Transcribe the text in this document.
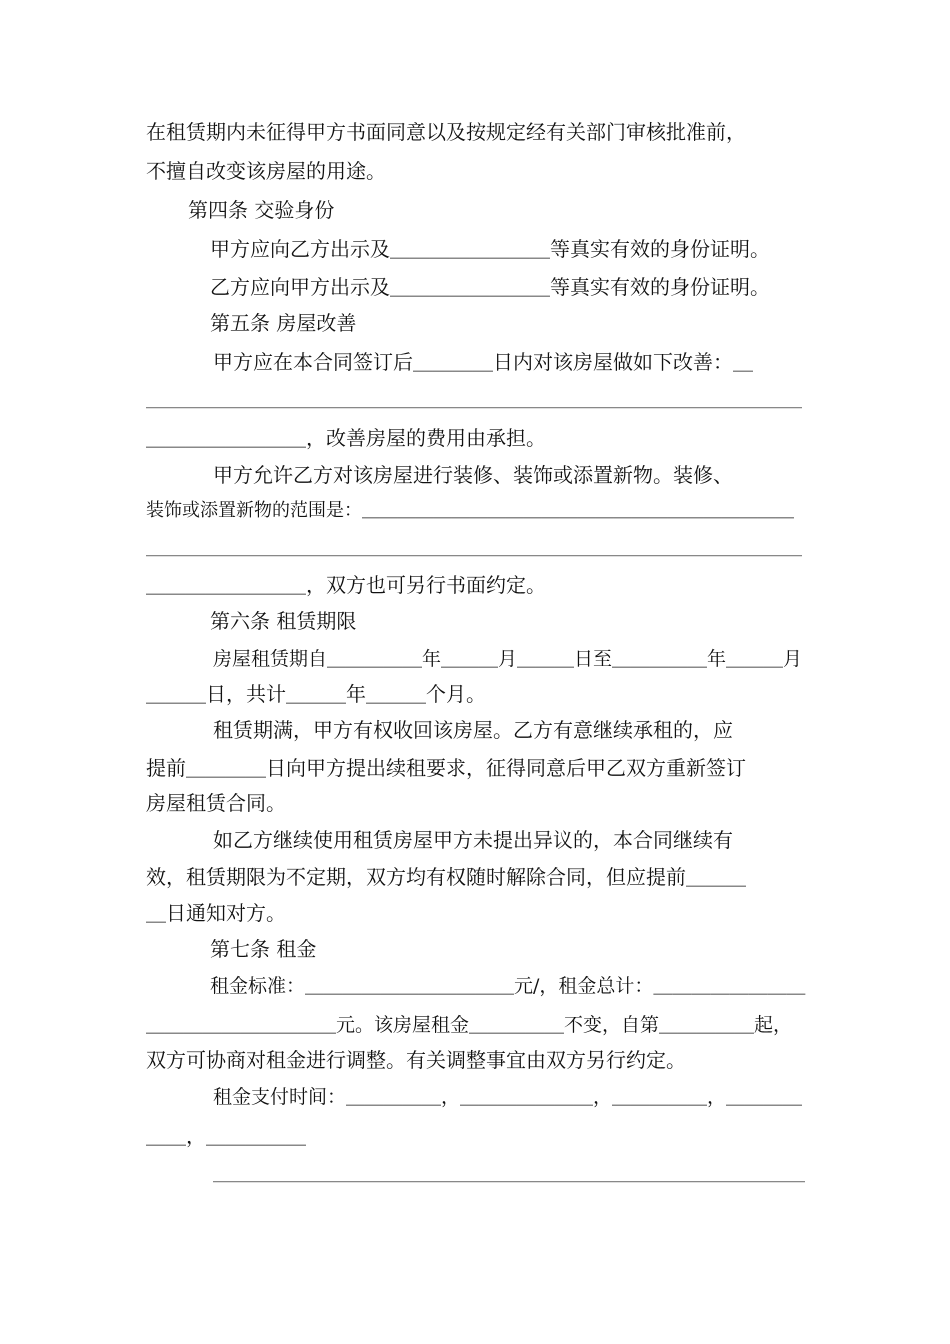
在租赁期内未征得甲方书面同意以及按规定经有关部门审核批准前，
不擅自改变该房屋的用途。
第四条 交验身份
甲方应向乙方出示及＿＿＿＿＿＿＿＿等真实有效的身份证明。
乙方应向甲方出示及＿＿＿＿＿＿＿＿等真实有效的身份证明。
第五条 房屋改善
甲方应在本合同签订后＿＿＿＿日内对该房屋做如下改善：＿
＿＿＿＿＿＿＿＿＿＿＿＿＿＿＿＿＿＿＿＿＿＿＿＿＿＿＿＿＿＿＿＿＿＿＿＿＿＿＿＿＿
＿＿＿＿＿＿＿＿，改善房屋的费用由承担。
甲方允许乙方对该房屋进行装修、装饰或添置新物。装修、
装饰或添置新物的范围是：＿＿＿＿＿＿＿＿＿＿＿＿＿＿＿＿＿＿＿＿＿＿＿＿
＿＿＿＿＿＿＿＿＿＿＿＿＿＿＿＿＿＿＿＿＿＿＿＿＿＿＿＿＿＿＿＿＿＿＿＿＿＿＿＿＿
＿＿＿＿＿＿＿＿，双方也可另行书面约定。
第六条 租赁期限
房屋租赁期自＿＿＿＿＿年＿＿＿月＿＿＿日至＿＿＿＿＿年＿＿＿月
＿＿＿日，共计＿＿＿年＿＿＿个月。
租赁期满，甲方有权收回该房屋。乙方有意继续承租的，应
提前＿＿＿＿日向甲方提出续租要求，征得同意后甲乙双方重新签订
房屋租赁合同。
如乙方继续使用租赁房屋甲方未提出异议的，本合同继续有
效，租赁期限为不定期，双方均有权随时解除合同，但应提前＿＿＿
＿日通知对方。
第七条 租金
租金标准：＿＿＿＿＿＿＿＿＿＿＿元/，租金总计：＿＿＿＿＿＿＿＿
＿＿＿＿＿＿＿＿＿＿元。该房屋租金＿＿＿＿＿不变，自第＿＿＿＿＿起，
双方可协商对租金进行调整。有关调整事宜由双方另行约定。
租金支付时间：＿＿＿＿＿，＿＿＿＿＿＿＿，＿＿＿＿＿，＿＿＿＿
＿＿，＿＿＿＿＿
＿＿＿＿＿＿＿＿＿＿＿＿＿＿＿＿＿＿＿＿＿＿＿＿＿＿＿＿＿＿＿＿＿＿＿＿＿
